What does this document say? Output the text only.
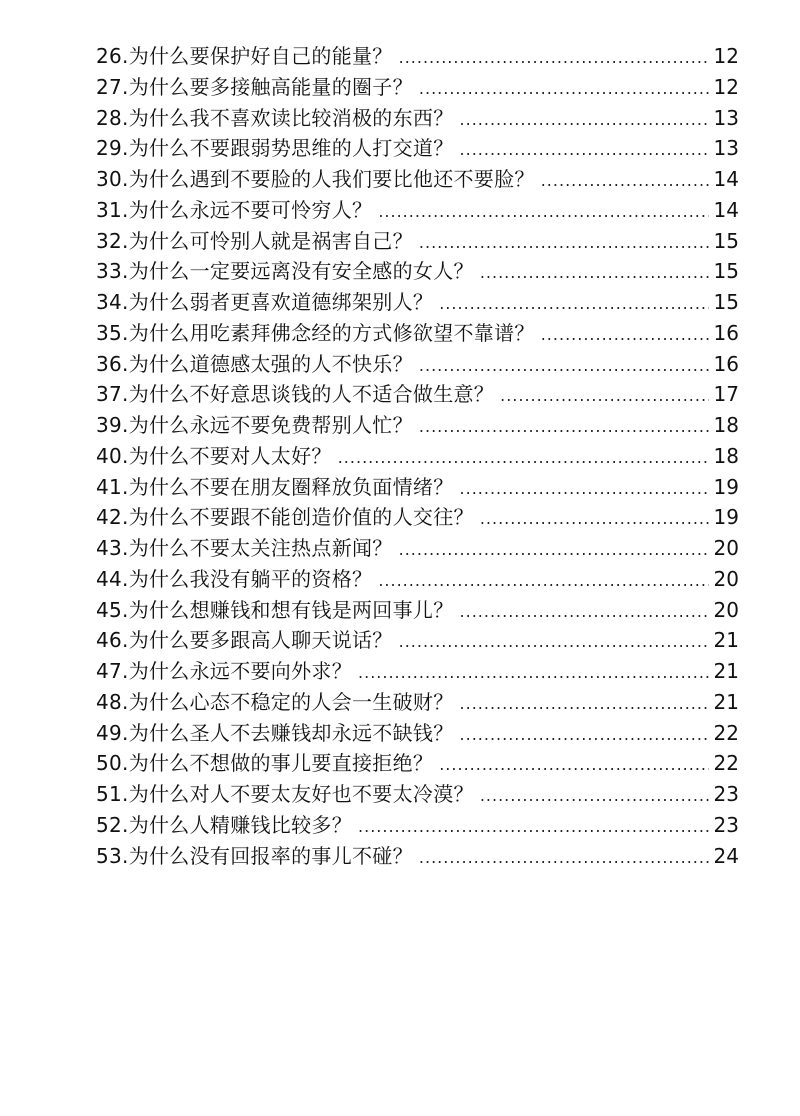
26.为什么要保护好自己的能量？ .....	12
27.为什么要多接触高能量的圈子？ .....	12
28.为什么我不喜欢读比较消极的东西？ .....	13
29.为什么不要跟弱势思维的人打交道？ .....	13
30.为什么遇到不要脸的人我们要比他还不要脸？ .....	14
31.为什么永远不要可怜穷人？ .....	14
32.为什么可怜别人就是祸害自己？ .....	15
33.为什么一定要远离没有安全感的女人？ .....	15
34.为什么弱者更喜欢道德绑架别人？ .....	15
35.为什么用吃素拜佛念经的方式修欲望不靠谱？ .....	16
36.为什么道德感太强的人不快乐？ .....	16
37.为什么不好意思谈钱的人不适合做生意？ .....	17
39.为什么永远不要免费帮别人忙？ .....	18
40.为什么不要对人太好？ .....	18
41.为什么不要在朋友圈释放负面情绪？ .....	19
42.为什么不要跟不能创造价值的人交往？ .....	19
43.为什么不要太关注热点新闻？ .....	20
44.为什么我没有躺平的资格？ .....	20
45.为什么想赚钱和想有钱是两回事儿？ .....	20
46.为什么要多跟高人聊天说话？ .....	21
47.为什么永远不要向外求？ .....	21
48.为什么心态不稳定的人会一生破财？ .....	21
49.为什么圣人不去赚钱却永远不缺钱？ .....	22
50.为什么不想做的事儿要直接拒绝？ .....	22
51.为什么对人不要太友好也不要太冷漠？ .....	23
52.为什么人精赚钱比较多？ .....	23
53.为什么没有回报率的事儿不碰？ .....	24
